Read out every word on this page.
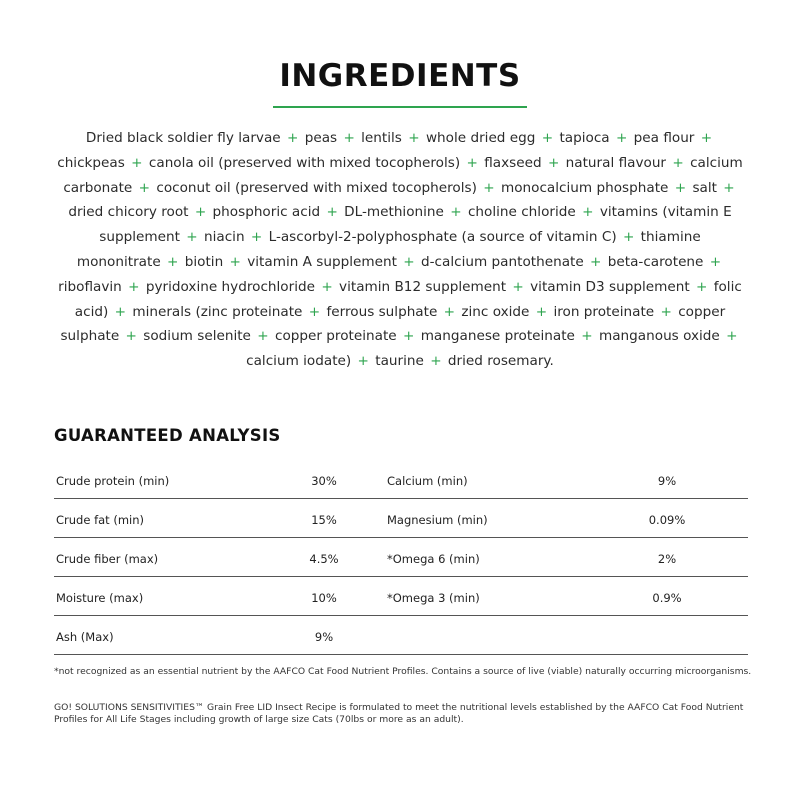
INGREDIENTS
Dried black soldier fly larvae + peas + lentils + whole dried egg + tapioca + pea flour + chickpeas + canola oil (preserved with mixed tocopherols) + flaxseed + natural flavour + calcium carbonate + coconut oil (preserved with mixed tocopherols) + monocalcium phosphate + salt + dried chicory root + phosphoric acid + DL-methionine + choline chloride + vitamins (vitamin E supplement + niacin + L-ascorbyl-2-polyphosphate (a source of vitamin C) + thiamine mononitrate + biotin + vitamin A supplement + d-calcium pantothenate + beta-carotene + riboflavin + pyridoxine hydrochloride + vitamin B12 supplement + vitamin D3 supplement + folic acid) + minerals (zinc proteinate + ferrous sulphate + zinc oxide + iron proteinate + copper sulphate + sodium selenite + copper proteinate + manganese proteinate + manganous oxide + calcium iodate) + taurine + dried rosemary.
GUARANTEED ANALYSIS
Crude protein (min)	30%	Calcium (min)	9%
Crude fat (min)	15%	Magnesium (min)	0.09%
Crude fiber (max)	4.5%	*Omega 6 (min)	2%
Moisture (max)	10%	*Omega 3 (min)	0.9%
Ash (Max)	9%
*not recognized as an essential nutrient by the AAFCO Cat Food Nutrient Profiles. Contains a source of live (viable) naturally occurring microorganisms.
GO! SOLUTIONS SENSITIVITIES™ Grain Free LID Insect Recipe is formulated to meet the nutritional levels established by the AAFCO Cat Food Nutrient Profiles for All Life Stages including growth of large size Cats (70lbs or more as an adult).
